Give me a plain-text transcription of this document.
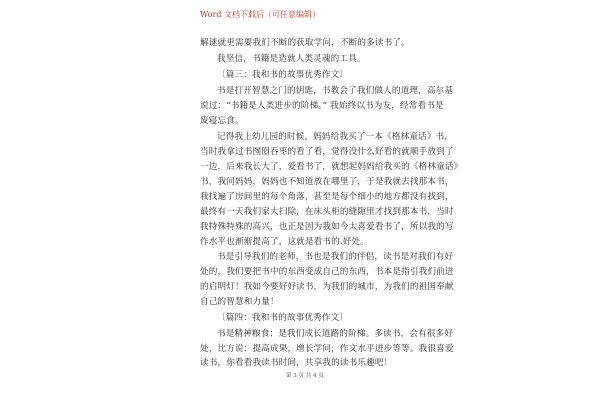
Word 文档下载后（可任意编辑）
解谜就更需要我们不断的获取学问，不断的多读书了。
我坚信，书籍是造就人类灵魂的工具。
〔篇三：我和书的故事优秀作文〕
书是打开智慧之门的钥匙，书教会了我们做人的道理，高尔基
说过：“书籍是人类进步的阶梯。” 我始终以书为友，经常看书是
废寝忘食。
记得我上幼儿园的时候，妈妈给我买了一本《格林童话》书，
当时我拿过书囫囵吞枣的看了看，觉得没什么好看的就顺手放到了
一边，后来我长大了，爱看书了，就想起妈妈给我买的《格林童话》
书，我问妈妈，妈妈也不知道放在哪里了，于是我就去找那本书，
我找遍了房间里的每个角落，甚至是每个细小的地方都没有找到，
最终有一天我们家大扫除，在床头柜的缝隙里才找到那本书，当时
我特殊特殊的高兴，也正是因为我如今太喜爱看书了，所以我的写
作水平也渐渐提高了，这就是看书的.好处。
书是引导我们的老师，书也是我们的伴侣，读书是对我们有好
处的，我们要把书中的东西变成自己的东西，书本是指引我们前进
的启明灯！我如今要好好读书，为我们的城市，为我们的祖国奉献
自己的智慧和力量！
〔篇四：我和书的故事优秀作文〕
书是精神粮食；是我们成长道路的阶梯。多读书，会有很多好
处，比方说：提高成果，增长学问，作文水平进步等等。我很喜爱
读书，你看看我读书时间，共享我的读书乐趣吧！
第 3 页 共 4 页
